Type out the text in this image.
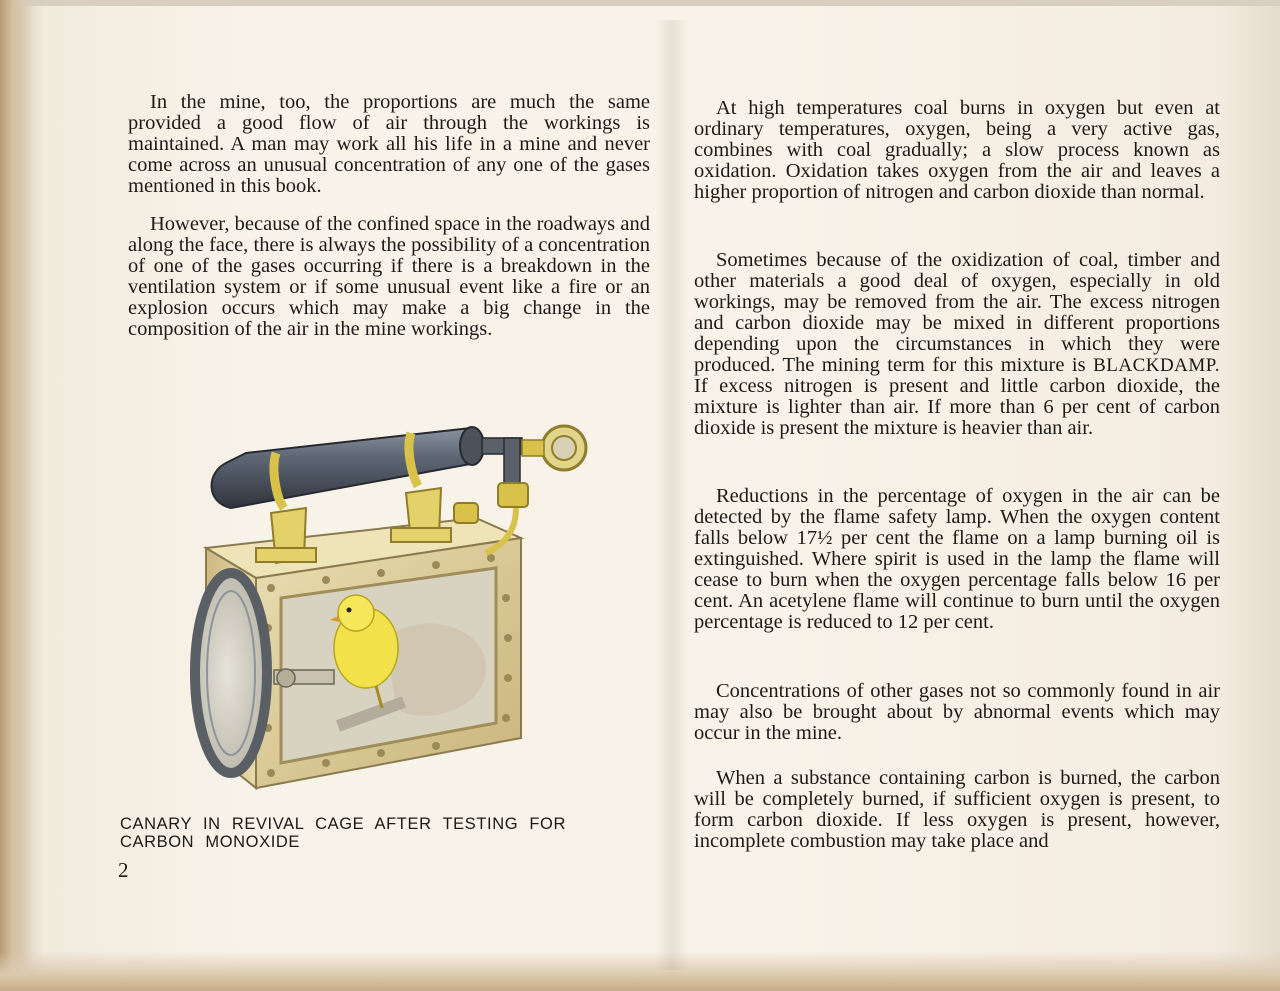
In the mine, too, the proportions are much the same provided a good flow of air through the workings is maintained. A man may work all his life in a mine and never come across an unusual concentration of any one of the gases mentioned in this book.

However, because of the confined space in the roadways and along the face, there is always the possibility of a concentration of one of the gases occurring if there is a breakdown in the ventilation system or if some unusual event like a fire or an explosion occurs which may make a big change in the composition of the air in the mine workings.

CANARY IN REVIVAL CAGE AFTER TESTING FOR CARBON MONOXIDE

2

At high temperatures coal burns in oxygen but even at ordinary temperatures, oxygen, being a very active gas, combines with coal gradually; a slow process known as oxidation. Oxidation takes oxygen from the air and leaves a higher proportion of nitrogen and carbon dioxide than normal.

Sometimes because of the oxidization of coal, timber and other materials a good deal of oxygen, especially in old workings, may be removed from the air. The excess nitrogen and carbon dioxide may be mixed in different proportions depending upon the circumstances in which they were produced. The mining term for this mixture is BLACKDAMP. If excess nitrogen is present and little carbon dioxide, the mixture is lighter than air. If more than 6 per cent of carbon dioxide is present the mixture is heavier than air.

Reductions in the percentage of oxygen in the air can be detected by the flame safety lamp. When the oxygen content falls below 17½ per cent the flame on a lamp burning oil is extinguished. Where spirit is used in the lamp the flame will cease to burn when the oxygen percentage falls below 16 per cent. An acetylene flame will continue to burn until the oxygen percentage is reduced to 12 per cent.

Concentrations of other gases not so commonly found in air may also be brought about by abnormal events which may occur in the mine.

When a substance containing carbon is burned, the carbon will be completely burned, if sufficient oxygen is present, to form carbon dioxide. If less oxygen is present, however, incomplete combustion may take place and
